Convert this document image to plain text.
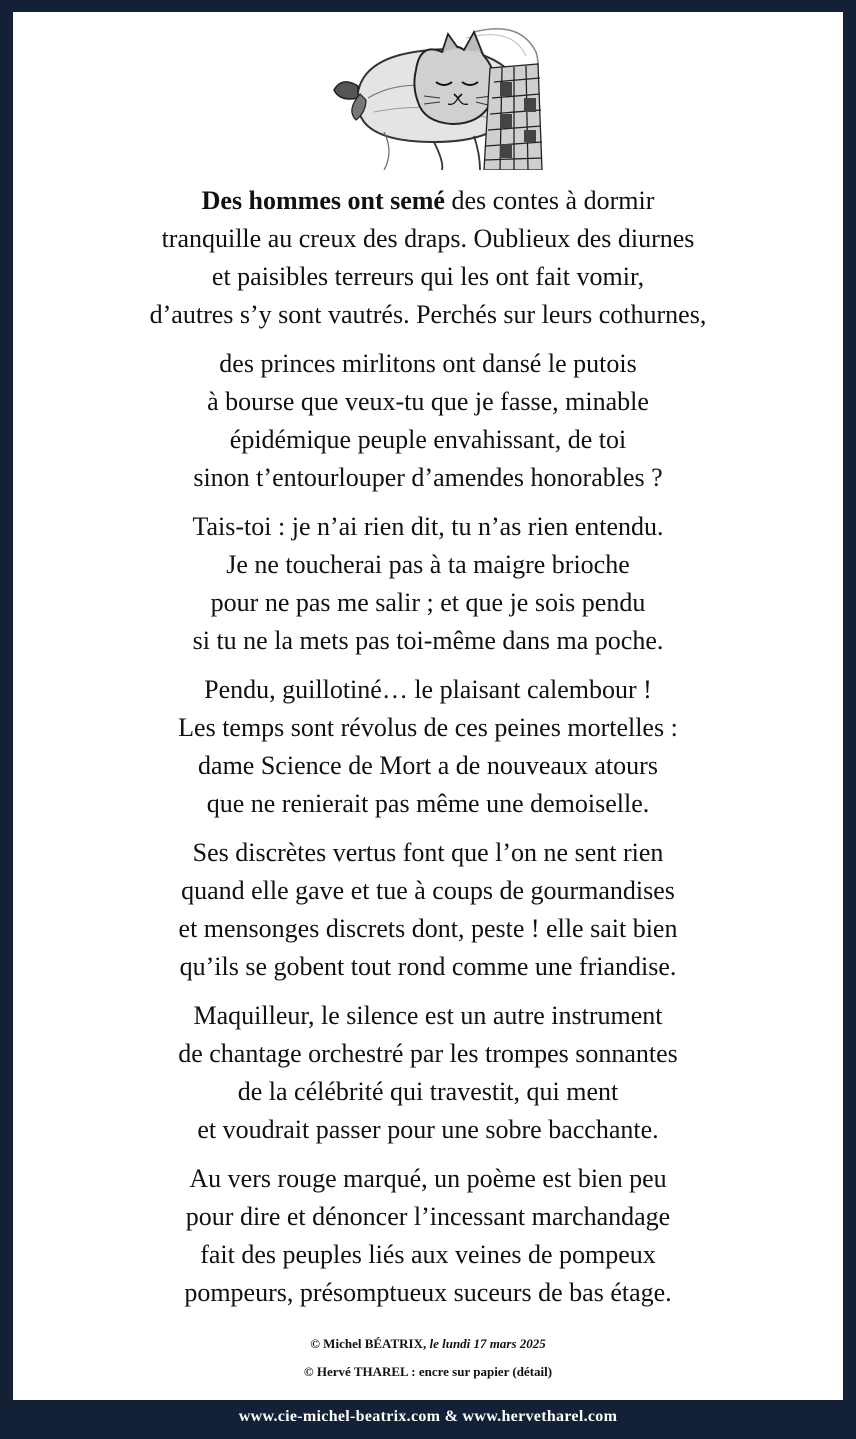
Des hommes ont semé des contes à dormir
tranquille au creux des draps. Oublieux des diurnes
et paisibles terreurs qui les ont fait vomir,
d’autres s’y sont vautrés. Perchés sur leurs cothurnes,
des princes mirlitons ont dansé le putois
à bourse que veux-tu que je fasse, minable
épidémique peuple envahissant, de toi
sinon t’entourlouper d’amendes honorables ?
Tais-toi : je n’ai rien dit, tu n’as rien entendu.
Je ne toucherai pas à ta maigre brioche
pour ne pas me salir ; et que je sois pendu
si tu ne la mets pas toi-même dans ma poche.
Pendu, guillotiné… le plaisant calembour !
Les temps sont révolus de ces peines mortelles :
dame Science de Mort a de nouveaux atours
que ne renierait pas même une demoiselle.
Ses discrètes vertus font que l’on ne sent rien
quand elle gave et tue à coups de gourmandises
et mensonges discrets dont, peste ! elle sait bien
qu’ils se gobent tout rond comme une friandise.
Maquilleur, le silence est un autre instrument
de chantage orchestré par les trompes sonnantes
de la célébrité qui travestit, qui ment
et voudrait passer pour une sobre bacchante.
Au vers rouge marqué, un poème est bien peu
pour dire et dénoncer l’incessant marchandage
fait des peuples liés aux veines de pompeux
pompeurs, présomptueux suceurs de bas étage.
© Michel BÉATRIX, le lundi 17 mars 2025
© Hervé THAREL : encre sur papier (détail)
www.cie-michel-beatrix.com & www.hervetharel.com
